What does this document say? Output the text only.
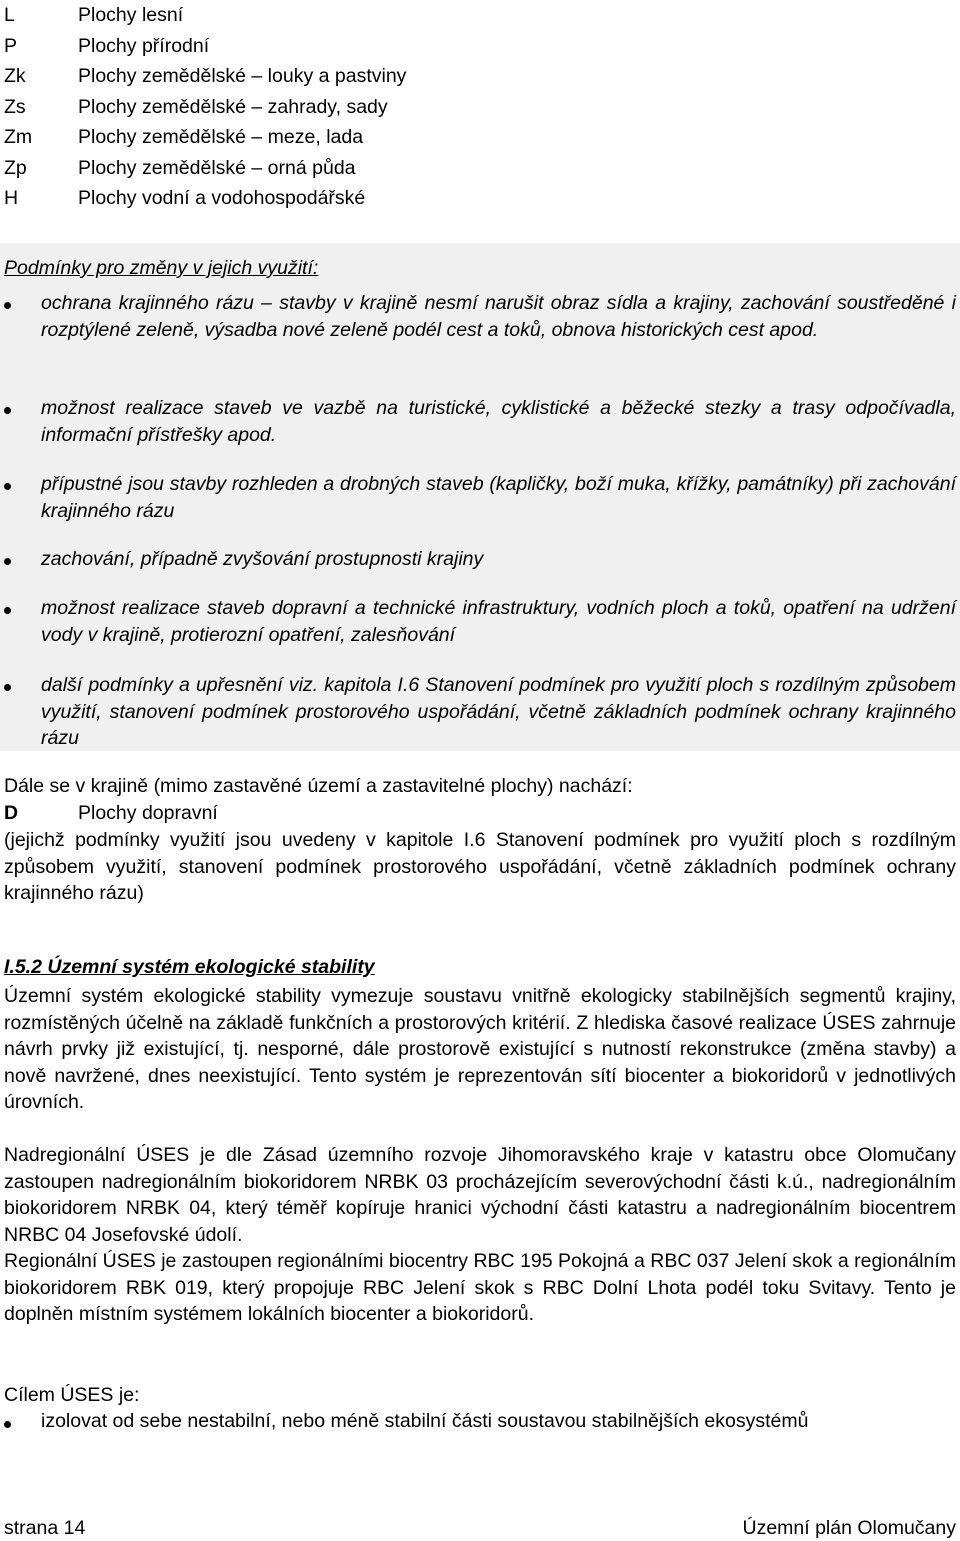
L	Plochy lesní
P	Plochy přírodní
Zk	Plochy zemědělské – louky a pastviny
Zs	Plochy zemědělské – zahrady, sady
Zm Plochy zemědělské – meze, lada
Zp	Plochy zemědělské – orná půda
H	Plochy vodní a vodohospodářské
Podmínky pro změny v jejich využití:
ochrana krajinného rázu – stavby v krajině nesmí narušit obraz sídla a krajiny, zachování soustředěné i rozptýlené zeleně, výsadba nové zeleně podél cest a toků, obnova historických cest apod.
možnost realizace staveb ve vazbě na turistické, cyklistické a běžecké stezky a trasy odpočívadla, informační přístřešky apod.
přípustné jsou stavby rozhleden a drobných staveb (kapličky, boží muka, křížky, památníky) při zachování krajinného rázu
zachování, případně zvyšování prostupnosti krajiny
možnost realizace staveb dopravní a technické infrastruktury, vodních ploch a toků, opatření na udržení vody v krajině, protierozní opatření, zalesňování
další podmínky a upřesnění viz. kapitola I.6 Stanovení podmínek pro využití ploch s rozdílným způsobem využití, stanovení podmínek prostorového uspořádání, včetně základních podmínek ochrany krajinného rázu
Dále se v krajině (mimo zastavěné území a zastavitelné plochy) nachází:
D	Plochy dopravní
(jejichž podmínky využití jsou uvedeny v kapitole I.6 Stanovení podmínek pro využití ploch s rozdílným způsobem využití, stanovení podmínek prostorového uspořádání, včetně základních podmínek ochrany krajinného rázu)
I.5.2 Územní systém ekologické stability
Územní systém ekologické stability vymezuje soustavu vnitřně ekologicky stabilnějších segmentů krajiny, rozmístěných účelně na základě funkčních a prostorových kritérií. Z hlediska časové realizace ÚSES zahrnuje návrh prvky již existující, tj. nesporné, dále prostorově existující s nutností rekonstrukce (změna stavby) a nově navržené, dnes neexistující. Tento systém je reprezentován sítí biocenter a biokoridorů v jednotlivých úrovních.
Nadregionální ÚSES je dle Zásad územního rozvoje Jihomoravského kraje v katastru obce Olomučany zastoupen nadregionálním biokoridorem NRBK 03 procházejícím severovýchodní části k.ú., nadregionálním biokoridorem NRBK 04, který téměř kopíruje hranici východní části katastru a nadregionálním biocentrem NRBC 04 Josefovské údolí.
Regionální ÚSES je zastoupen regionálními biocentry RBC 195 Pokojná a RBC 037 Jelení skok a regionálním biokoridorem RBK 019, který propojuje RBC Jelení skok s RBC Dolní Lhota podél toku Svitavy. Tento je doplněn místním systémem lokálních biocenter a biokoridorů.
Cílem ÚSES je:
izolovat od sebe nestabilní, nebo méně stabilní části soustavou stabilnějších ekosystémů
strana 14	Územní plán Olomučany
